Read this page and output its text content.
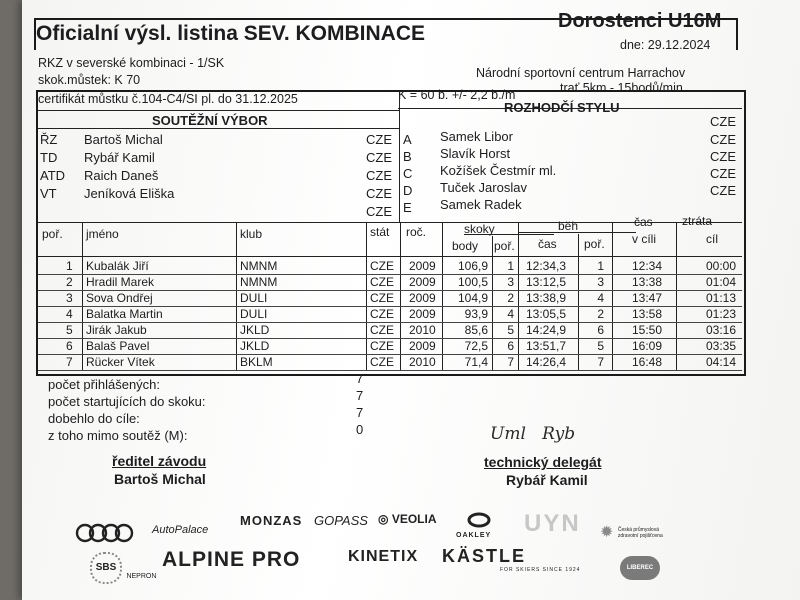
Oficialní výsl. listina SEV. KOMBINACE
Dorostenci U16M
dne: 29.12.2024
RKZ v severské kombinaci - 1/SK
skok.můstek: K 70
certifikát můstku č.104-C4/SI pl. do 31.12.2025
Národní sportovní centrum Harrachov
trať 5km - 15bodů/min
K = 60 b. +/- 2,2 b./m
SOUTĚŽNÍ VÝBOR
ROZHODČÍ STYLU
CZE
ŘZ Bartoš Michal	CZE
TD Rybář Kamil	CZE
ATD Raich Daneš	CZE
VT Jeníková Eliška	CZE
CZE
A Samek Libor	CZE
B Slavík Horst	CZE
C Kožíšek Čestmír ml.	CZE
D Tuček Jaroslav	CZE
E Samek Radek
poř. jméno	klub	stát roč.	skoky
body poř.
běh
čas poř.
čas
v cíli
ztráta
cíl
1 Kubalák Jiří	NMNM	CZE 2009	106,9	1 12:34,3	1 12:34	00:00
2 Hradil Marek	NMNM	CZE 2009	100,5	3 13:12,5	3 13:38	01:04
3 Sova Ondřej	DULI	CZE 2009	104,9	2 13:38,9	4 13:47	01:13
4 Balatka Martin	DULI	CZE 2009	93,9	4 13:05,5	2 13:58	01:23
5 Jirák Jakub	JKLD	CZE 2010	85,6	5 14:24,9	6 15:50	03:16
6 Balaš Pavel	JKLD	CZE 2009	72,5	6 13:51,7	5 16:09	03:35
7 Rücker Vítek	BKLM	CZE 2010	71,4	7 14:26,4	7 16:48	04:14
počet přihlášených:	7
počet startujících do skoku:	7
dobehlo do cíle:	7
z toho mimo soutěž (M):	0	Uml   Ryb
ředitel závodu
Bartoš Michal
technický delegát
Rybář Kamil
AutoPalace
MONZAS GOPASS ◎ VEOLIA
OAKLEY	UYN ✹ Česká průmyslová zdravotní pojišťovna
SBS $_{NEPRON}$
ALPINE PRO	KINETIX KÄSTLE
FOR SKIERS SINCE 1924	LIBEREC
